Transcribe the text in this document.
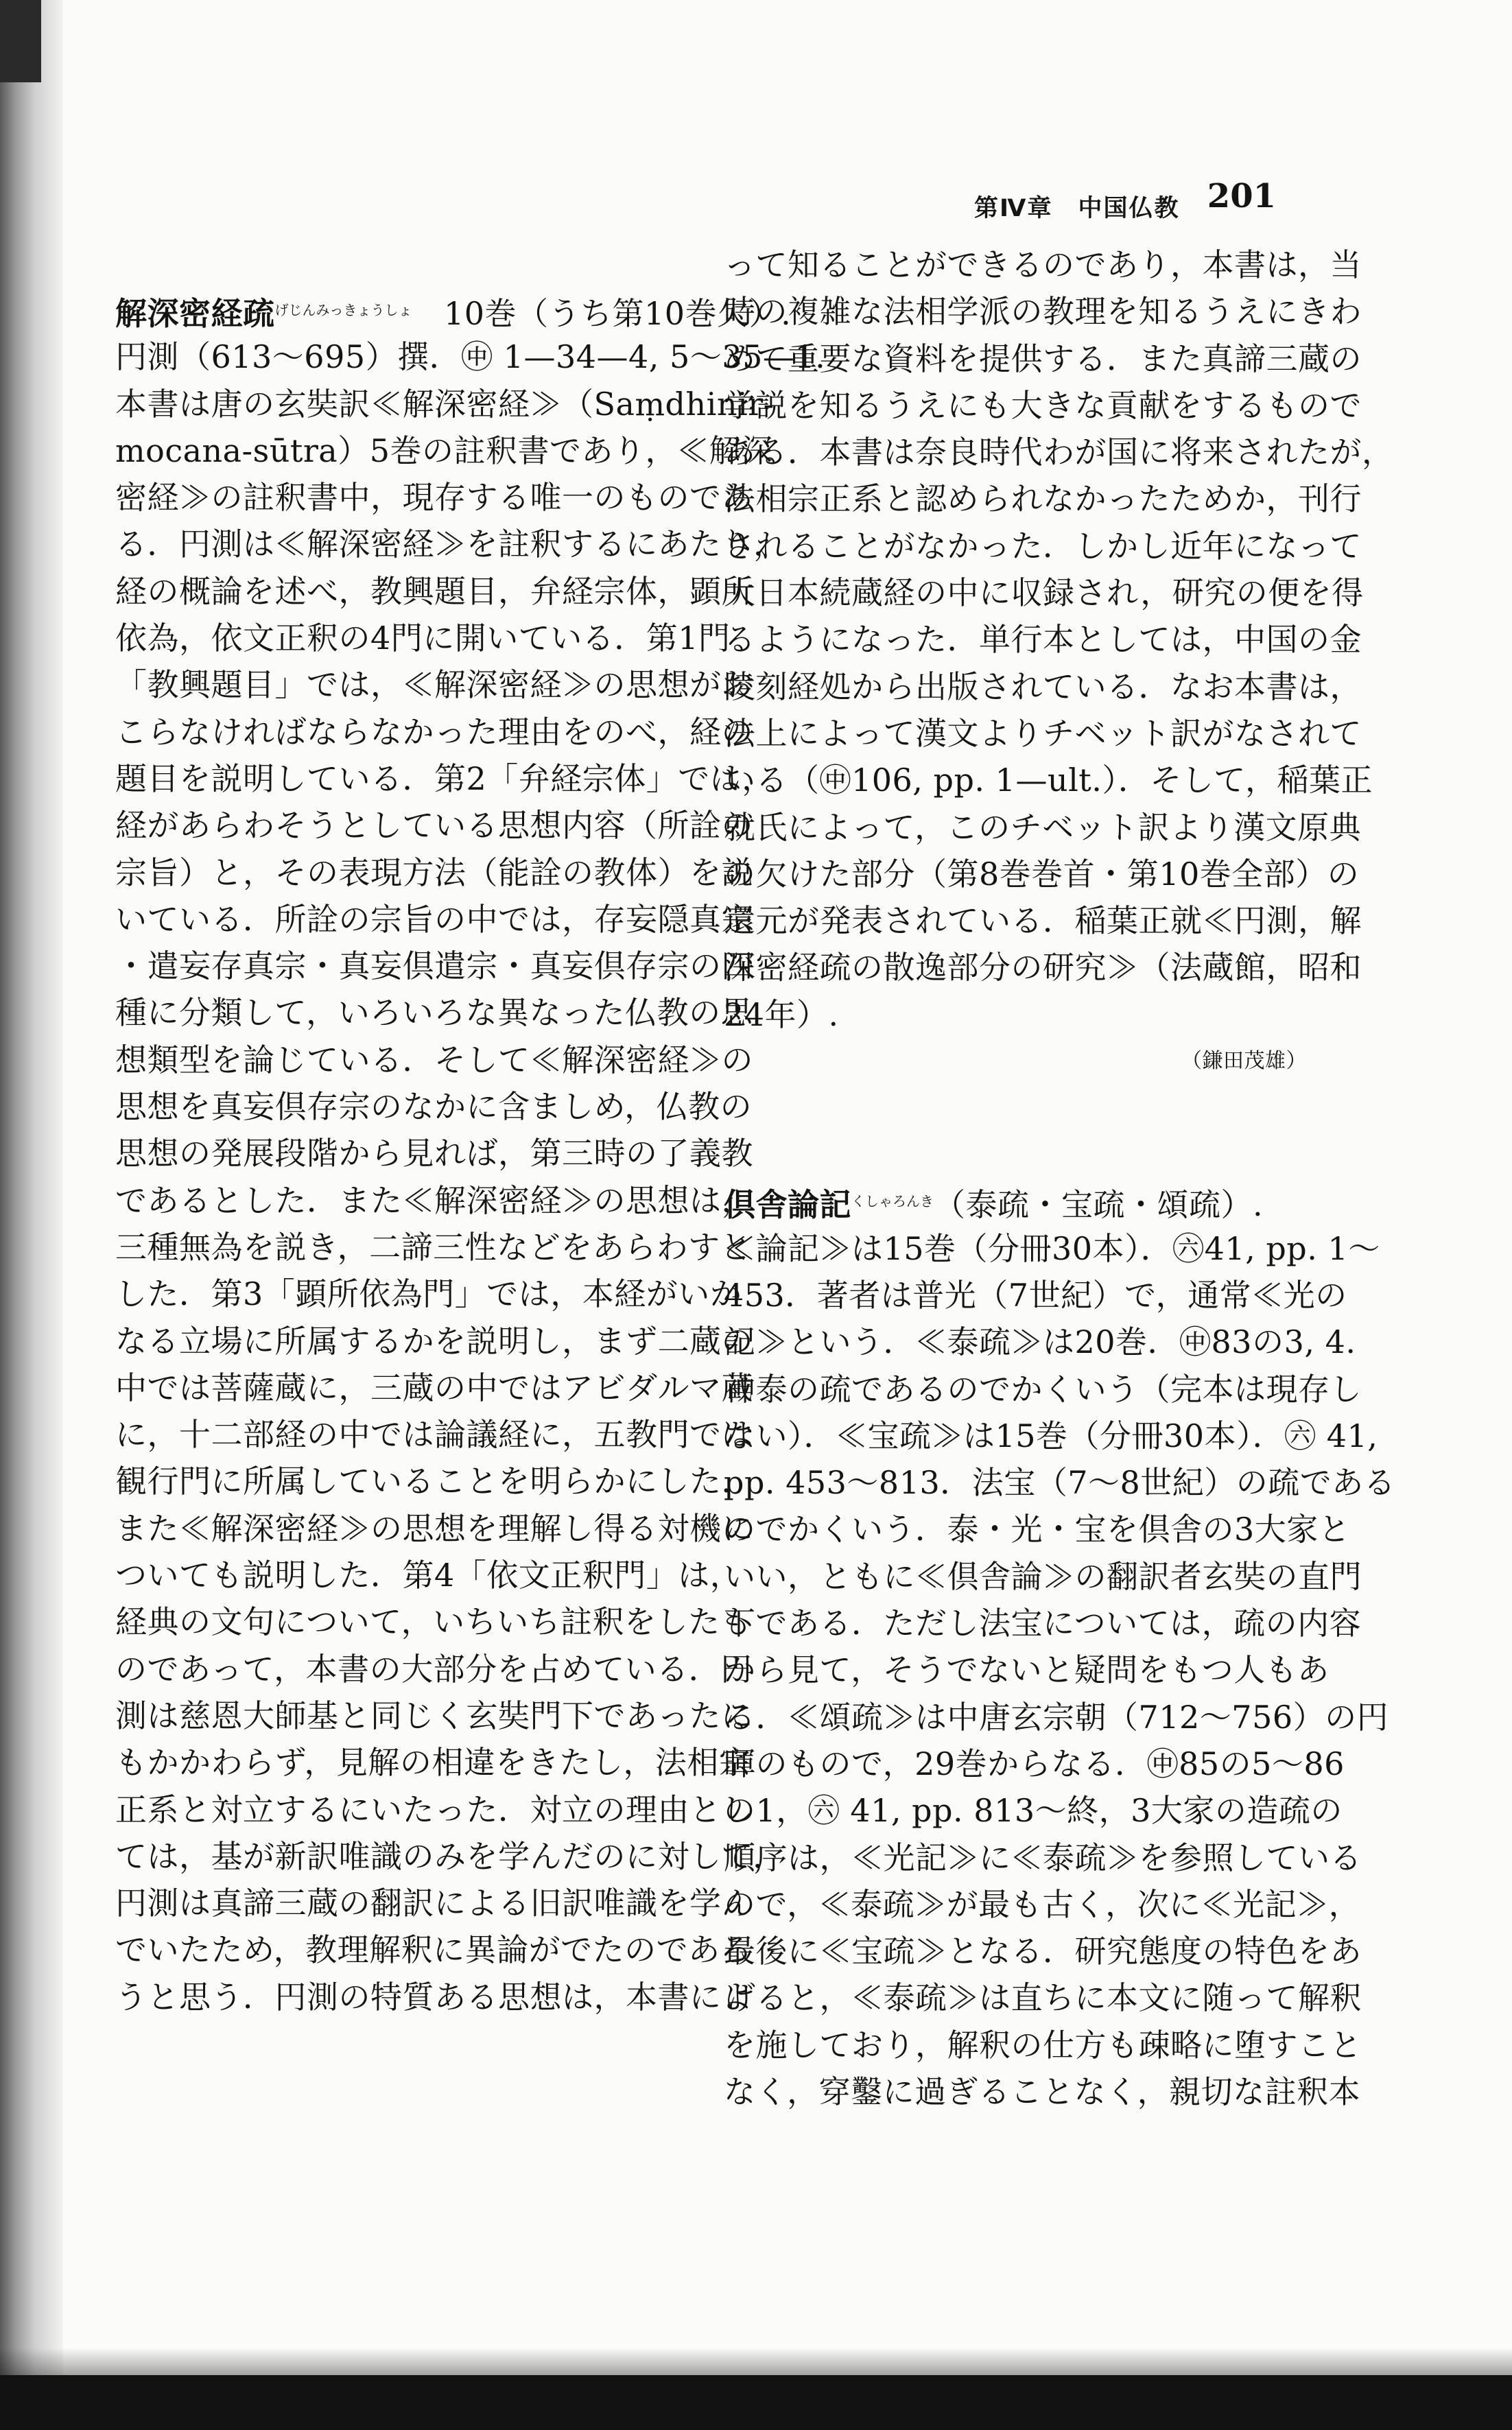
第Ⅳ章　中国仏教 201
解深密経疏$^{げじんみっきょうしょ}$　10巻（うち第10巻欠）.
円測（613～695）撰．㊥ 1—34—4, 5～35—1.
本書は唐の玄奘訳≪解深密経≫（Saṃdhinir-
mocana-sūtra）5巻の註釈書であり，≪解深
密経≫の註釈書中，現存する唯一のものであ
る．円測は≪解深密経≫を註釈するにあたり，
経の概論を述べ，教興題目，弁経宗体，顕所
依為，依文正釈の4門に開いている．第1門
「教興題目」では，≪解深密経≫の思想がお
こらなければならなかった理由をのべ，経の
題目を説明している．第2「弁経宗体」では，
経があらわそうとしている思想内容（所詮の
宗旨）と，その表現方法（能詮の教体）を説
いている．所詮の宗旨の中では，存妄隠真宗
・遣妄存真宗・真妄倶遣宗・真妄倶存宗の四
種に分類して，いろいろな異なった仏教の思
想類型を論じている．そして≪解深密経≫の
思想を真妄倶存宗のなかに含ましめ，仏教の
思想の発展段階から見れば，第三時の了義教
であるとした．また≪解深密経≫の思想は，
三種無為を説き，二諦三性などをあらわすと
した．第3「顕所依為門」では，本経がいか
なる立場に所属するかを説明し，まず二蔵の
中では菩薩蔵に，三蔵の中ではアビダルマ蔵
に，十二部経の中では論議経に，五教門では
観行門に所属していることを明らかにした．
また≪解深密経≫の思想を理解し得る対機に
ついても説明した．第4「依文正釈門」は，
経典の文句について，いちいち註釈をしたも
のであって，本書の大部分を占めている．円
測は慈恩大師基と同じく玄奘門下であったに
もかかわらず，見解の相違をきたし，法相宗
正系と対立するにいたった．対立の理由とし
ては，基が新訳唯識のみを学んだのに対して，
円測は真諦三蔵の翻訳による旧訳唯識を学ん
でいたため，教理解釈に異論がでたのであろ
うと思う．円測の特質ある思想は，本書によ
って知ることができるのであり，本書は，当
時の複雑な法相学派の教理を知るうえにきわ
めて重要な資料を提供する．また真諦三蔵の
学説を知るうえにも大きな貢献をするもので
ある．本書は奈良時代わが国に将来されたが，
法相宗正系と認められなかったためか，刊行
されることがなかった．しかし近年になって
大日本続蔵経の中に収録され，研究の便を得
るようになった．単行本としては，中国の金
陵刻経処から出版されている．なお本書は，
法上によって漢文よりチベット訳がなされて
いる（㊥106, pp. 1—ult.）．そして，稲葉正
就氏によって，このチベット訳より漢文原典
の欠けた部分（第8巻巻首・第10巻全部）の
還元が発表されている．稲葉正就≪円測，解
深密経疏の散逸部分の研究≫（法蔵館，昭和
24年）.
（鎌田茂雄）
倶舎論記$^{くしゃろんき}$（泰疏・宝疏・頌疏）.
≪論記≫は15巻（分冊30本）．㊅41, pp. 1～
453．著者は普光（7世紀）で，通常≪光の
記≫という．≪泰疏≫は20巻．㊥83の3, 4.
神泰の疏であるのでかくいう（完本は現存し
ない）．≪宝疏≫は15巻（分冊30本）．㊅ 41,
pp. 453～813．法宝（7～8世紀）の疏である
のでかくいう．泰・光・宝を倶舎の3大家と
いい，ともに≪倶舎論≫の翻訳者玄奘の直門
下である．ただし法宝については，疏の内容
から見て，そうでないと疑問をもつ人もあ
る．≪頌疏≫は中唐玄宗朝（712～756）の円
暉のもので，29巻からなる．㊥85の5～86
の1，㊅ 41, pp. 813～終，3大家の造疏の
順序は，≪光記≫に≪泰疏≫を参照している
ので，≪泰疏≫が最も古く，次に≪光記≫，
最後に≪宝疏≫となる．研究態度の特色をあ
げると，≪泰疏≫は直ちに本文に随って解釈
を施しており，解釈の仕方も疎略に堕すこと
なく，穿鑿に過ぎることなく，親切な註釈本
